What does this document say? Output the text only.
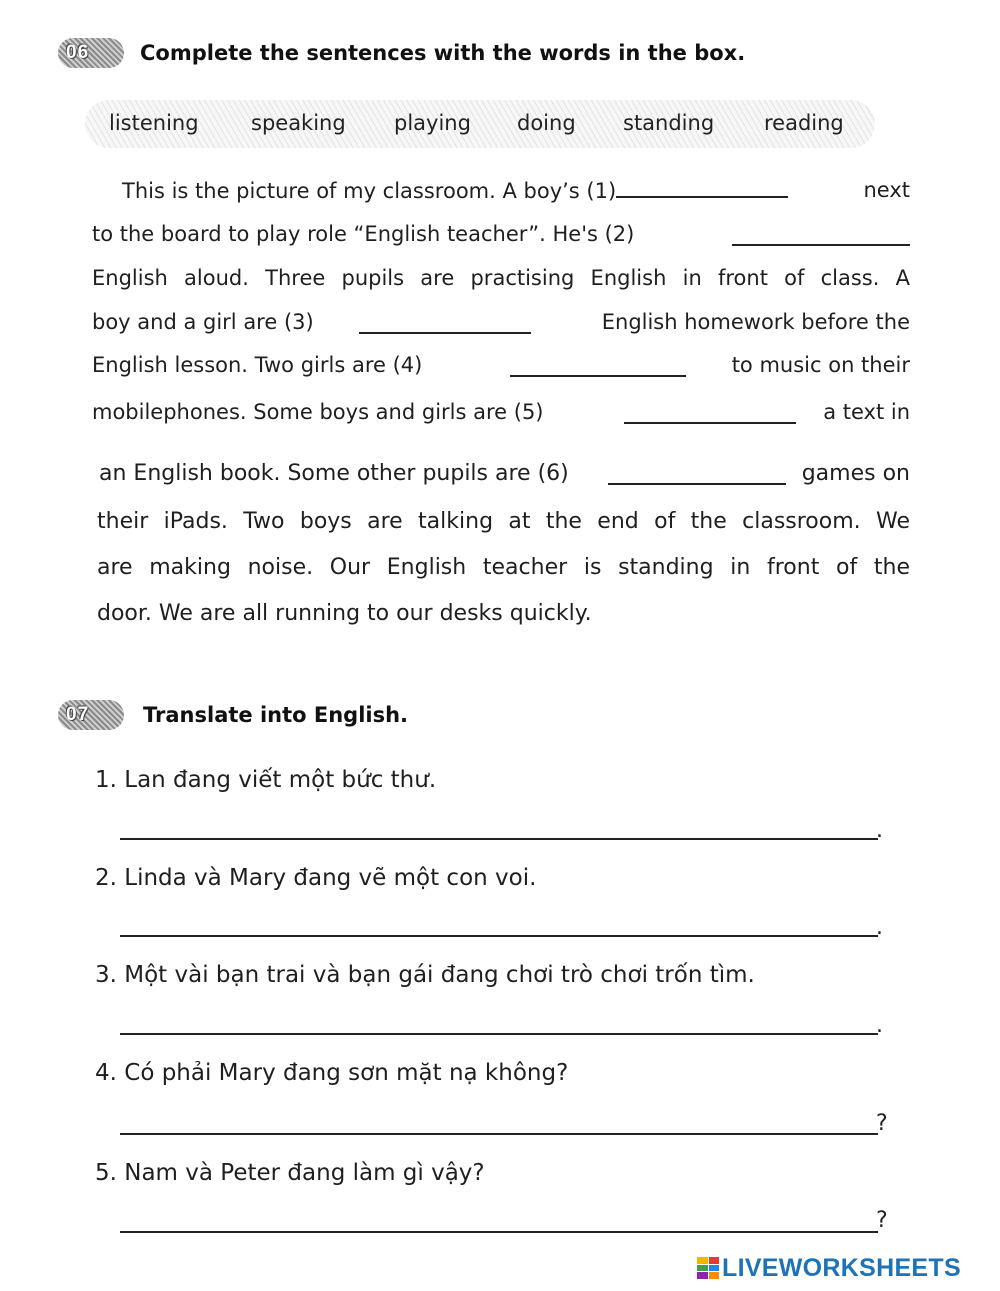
06	Complete the sentences with the words in the box.
listening speaking playing doing standing reading
This is the picture of my classroom. A boy’s (1)	next
to the board to play role “English teacher”. He's (2)
English aloud. Three pupils are practising English in front of class. A
boy and a girl are (3)	English homework before the
English lesson. Two girls are (4)	to music on their
mobilephones. Some boys and girls are (5)	a text in
an English book. Some other pupils are (6)	games on
their iPads. Two boys are talking at the end of the classroom. We
are making noise. Our English teacher is standing in front of the
door. We are all running to our desks quickly.
07	Translate into English.
1. Lan đang viết một bức thư.
.
2. Linda và Mary đang vẽ một con voi.
.
3. Một vài bạn trai và bạn gái đang chơi trò chơi trốn tìm.
.
4. Có phải Mary đang sơn mặt nạ không?
?
5. Nam và Peter đang làm gì vậy?
?
LIVEWORKSHEETS
